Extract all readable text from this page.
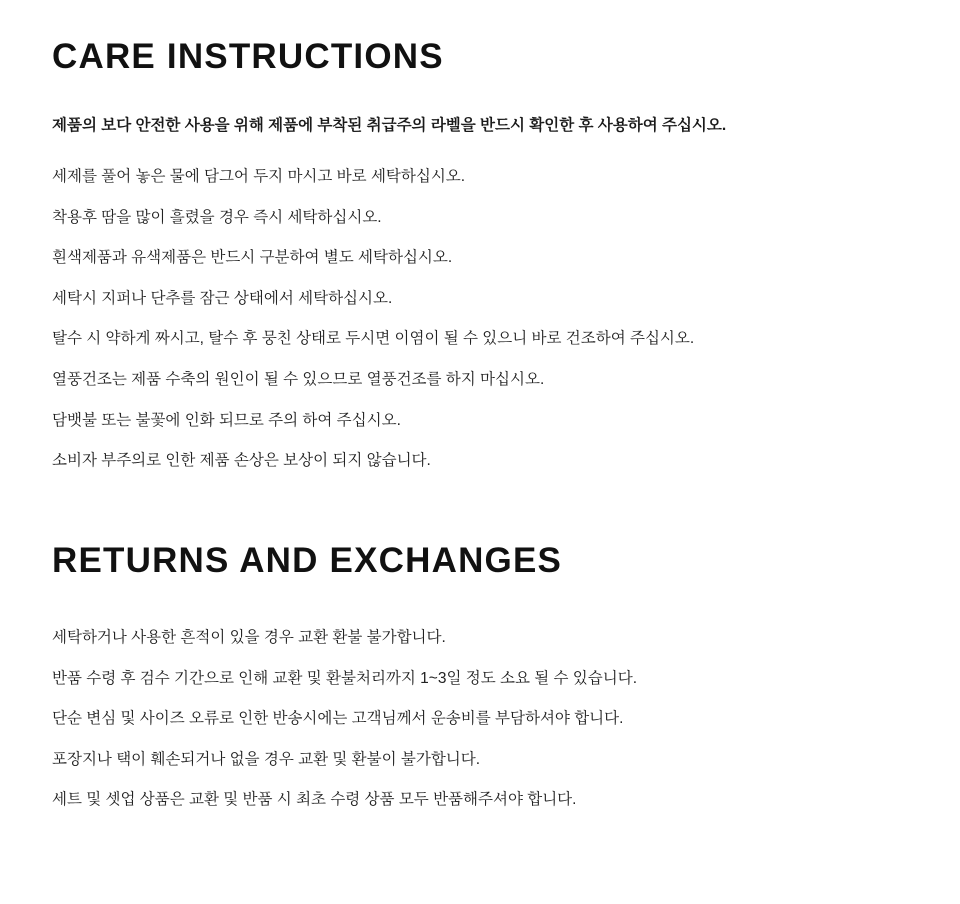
CARE INSTRUCTIONS

제품의 보다 안전한 사용을 위해 제품에 부착된 취급주의 라벨을 반드시 확인한 후 사용하여 주십시오.

세제를 풀어 놓은 물에 담그어 두지 마시고 바로 세탁하십시오.
착용후 땀을 많이 흘렸을 경우 즉시 세탁하십시오.
흰색제품과 유색제품은 반드시 구분하여 별도 세탁하십시오.
세탁시 지퍼나 단추를 잠근 상태에서 세탁하십시오.
탈수 시 약하게 짜시고, 탈수 후 뭉친 상태로 두시면 이염이 될 수 있으니 바로 건조하여 주십시오.
열풍건조는 제품 수축의 원인이 될 수 있으므로 열풍건조를 하지 마십시오.
담뱃불 또는 불꽃에 인화 되므로 주의 하여 주십시오.
소비자 부주의로 인한 제품 손상은 보상이 되지 않습니다.
RETURNS AND EXCHANGES
세탁하거나 사용한 흔적이 있을 경우 교환 환불 불가합니다.
반품 수령 후 검수 기간으로 인해 교환 및 환불처리까지 1~3일 정도 소요 될 수 있습니다.
단순 변심 및 사이즈 오류로 인한 반송시에는 고객님께서 운송비를 부담하셔야 합니다.
포장지나 택이 훼손되거나 없을 경우 교환 및 환불이 불가합니다.
세트 및 셋업 상품은 교환 및 반품 시 최초 수령 상품 모두 반품해주셔야 합니다.
